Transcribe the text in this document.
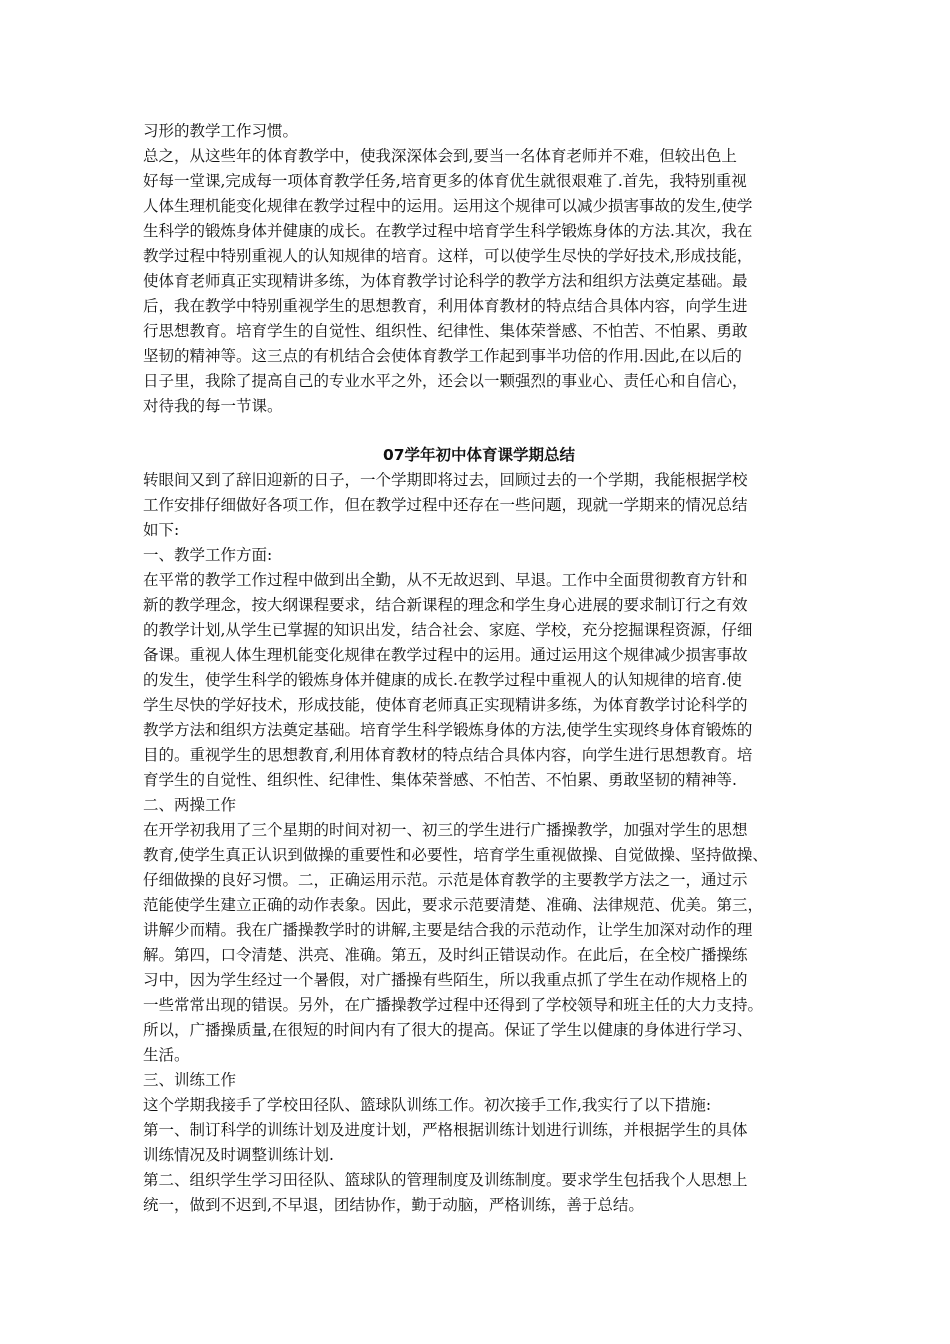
习形的教学工作习惯。
总之，从这些年的体育教学中，使我深深体会到,要当一名体育老师并不难，但较出色上
好每一堂课,完成每一项体育教学任务,培育更多的体育优生就很艰难了.首先，我特别重视
人体生理机能变化规律在教学过程中的运用。运用这个规律可以减少损害事故的发生,使学
生科学的锻炼身体并健康的成长。在教学过程中培育学生科学锻炼身体的方法.其次，我在
教学过程中特别重视人的认知规律的培育。这样，可以使学生尽快的学好技术,形成技能，
使体育老师真正实现精讲多练，为体育教学讨论科学的教学方法和组织方法奠定基础。最
后，我在教学中特别重视学生的思想教育，利用体育教材的特点结合具体内容，向学生进
行思想教育。培育学生的自觉性、组织性、纪律性、集体荣誉感、不怕苦、不怕累、勇敢
坚韧的精神等。这三点的有机结合会使体育教学工作起到事半功倍的作用.因此,在以后的
日子里，我除了提高自己的专业水平之外，还会以一颗强烈的事业心、责任心和自信心，
对待我的每一节课。
07学年初中体育课学期总结
转眼间又到了辞旧迎新的日子，一个学期即将过去，回顾过去的一个学期，我能根据学校
工作安排仔细做好各项工作，但在教学过程中还存在一些问题，现就一学期来的情况总结
如下:
一、教学工作方面:
在平常的教学工作过程中做到出全勤，从不无故迟到、早退。工作中全面贯彻教育方针和
新的教学理念，按大纲课程要求，结合新课程的理念和学生身心进展的要求制订行之有效
的教学计划,从学生已掌握的知识出发，结合社会、家庭、学校，充分挖掘课程资源，仔细
备课。重视人体生理机能变化规律在教学过程中的运用。通过运用这个规律减少损害事故
的发生，使学生科学的锻炼身体并健康的成长.在教学过程中重视人的认知规律的培育.使
学生尽快的学好技术，形成技能，使体育老师真正实现精讲多练，为体育教学讨论科学的
教学方法和组织方法奠定基础。培育学生科学锻炼身体的方法,使学生实现终身体育锻炼的
目的。重视学生的思想教育,利用体育教材的特点结合具体内容，向学生进行思想教育。培
育学生的自觉性、组织性、纪律性、集体荣誉感、不怕苦、不怕累、勇敢坚韧的精神等.
二、两操工作
在开学初我用了三个星期的时间对初一、初三的学生进行广播操教学，加强对学生的思想
教育,使学生真正认识到做操的重要性和必要性，培育学生重视做操、自觉做操、坚持做操、
仔细做操的良好习惯。二，正确运用示范。示范是体育教学的主要教学方法之一，通过示
范能使学生建立正确的动作表象。因此，要求示范要清楚、准确、法律规范、优美。第三，
讲解少而精。我在广播操教学时的讲解,主要是结合我的示范动作，让学生加深对动作的理
解。第四，口令清楚、洪亮、准确。第五，及时纠正错误动作。在此后，在全校广播操练
习中，因为学生经过一个暑假，对广播操有些陌生，所以我重点抓了学生在动作规格上的
一些常常出现的错误。另外，在广播操教学过程中还得到了学校领导和班主任的大力支持。
所以，广播操质量,在很短的时间内有了很大的提高。保证了学生以健康的身体进行学习、
生活。
三、训练工作
这个学期我接手了学校田径队、篮球队训练工作。初次接手工作,我实行了以下措施:
第一、制订科学的训练计划及进度计划，严格根据训练计划进行训练，并根据学生的具体
训练情况及时调整训练计划.
第二、组织学生学习田径队、篮球队的管理制度及训练制度。要求学生包括我个人思想上
统一，做到不迟到,不早退，团结协作，勤于动脑，严格训练，善于总结。
